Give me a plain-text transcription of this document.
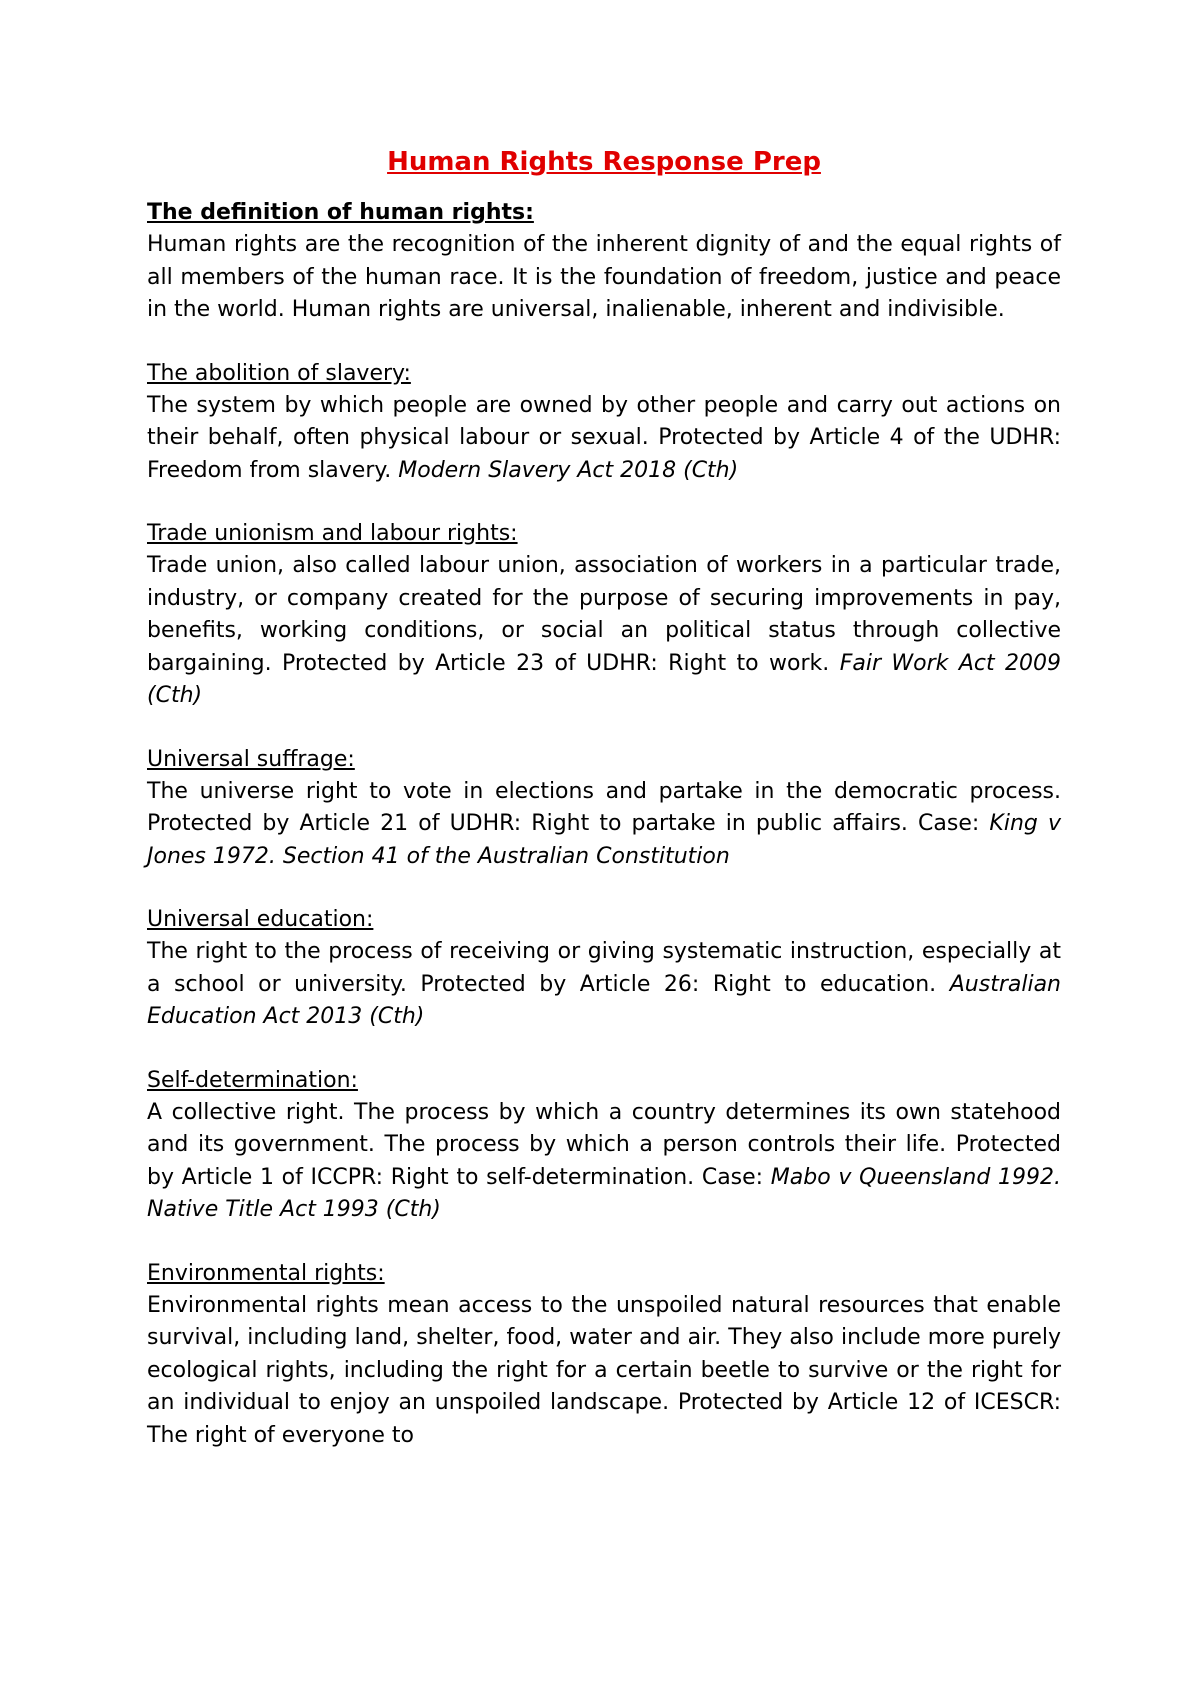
Human Rights Response Prep

The definition of human rights:

Human rights are the recognition of the inherent dignity of and the equal rights of all members of the human race. It is the foundation of freedom, justice and peace in the world. Human rights are universal, inalienable, inherent and indivisible.

The abolition of slavery:

The system by which people are owned by other people and carry out actions on their behalf, often physical labour or sexual. Protected by Article 4 of the UDHR: Freedom from slavery. Modern Slavery Act 2018 (Cth)

Trade unionism and labour rights:

Trade union, also called labour union, association of workers in a particular trade, industry, or company created for the purpose of securing improvements in pay, benefits, working conditions, or social an political status through collective bargaining. Protected by Article 23 of UDHR: Right to work. Fair Work Act 2009 (Cth)

Universal suffrage:

The universe right to vote in elections and partake in the democratic process. Protected by Article 21 of UDHR: Right to partake in public affairs. Case: King v Jones 1972. Section 41 of the Australian Constitution

Universal education:

The right to the process of receiving or giving systematic instruction, especially at a school or university. Protected by Article 26: Right to education. Australian Education Act 2013 (Cth)

Self-determination:

A collective right. The process by which a country determines its own statehood and its government. The process by which a person controls their life. Protected by Article 1 of ICCPR: Right to self-determination. Case: Mabo v Queensland 1992. Native Title Act 1993 (Cth)

Environmental rights:

Environmental rights mean access to the unspoiled natural resources that enable survival, including land, shelter, food, water and air. They also include more purely ecological rights, including the right for a certain beetle to survive or the right for an individual to enjoy an unspoiled landscape. Protected by Article 12 of ICESCR: The right of everyone to
